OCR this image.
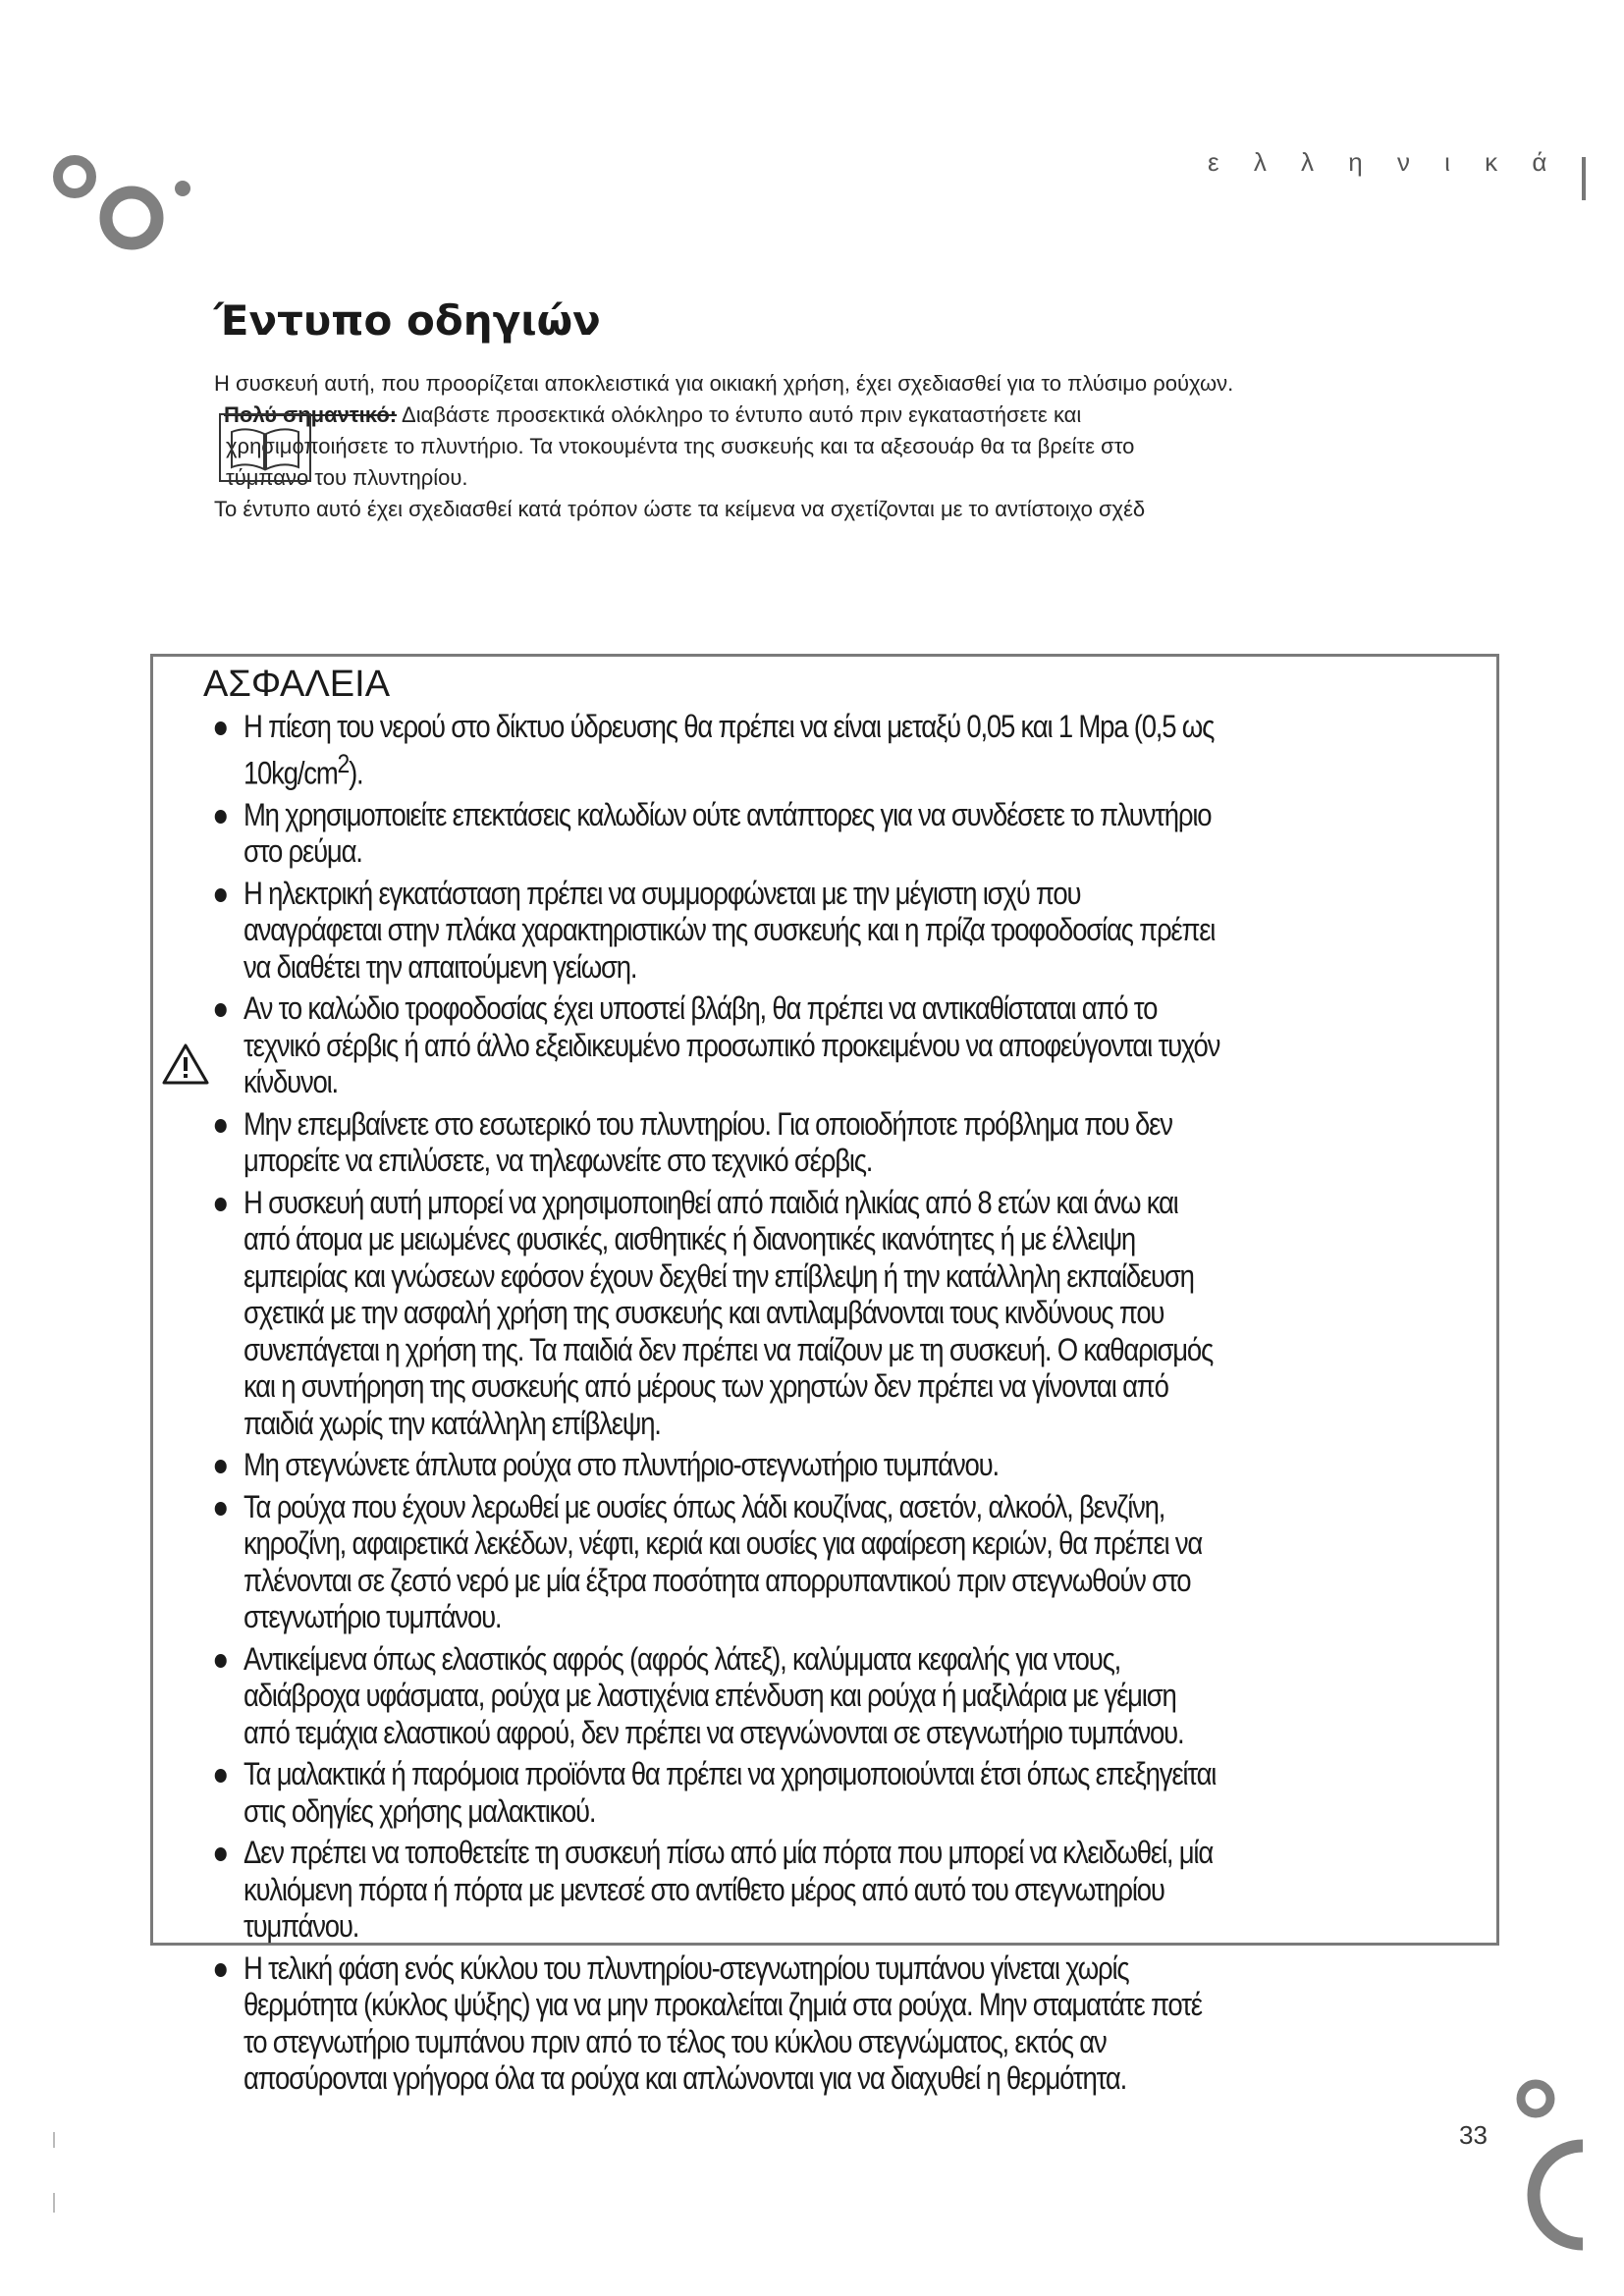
ε λ λ η ν ι κ ά
Έντυπο οδηγιών

Η συσκευή αυτή, που προορίζεται αποκλειστικά για οικιακή χρήση, έχει σχεδιασθεί για το πλύσιμο ρούχων.

Πολύ σημαντικό: Διαβάστε προσεκτικά ολόκληρο το έντυπο αυτό πριν εγκαταστήσετε και

χρησιμοποιήσετε το πλυντήριο. Τα ντοκουμέντα της συσκευής και τα αξεσουάρ θα τα βρείτε στο

τύμπανο του πλυντηρίου.

Το έντυπο αυτό έχει σχεδιασθεί κατά τρόπον ώστε τα κείμενα να σχετίζονται με το αντίστοιχο σχέδ

ΑΣΦΑΛΕΙΑ
Η πίεση του νερού στο δίκτυο ύδρευσης θα πρέπει να είναι μεταξύ 0,05 και 1 Mpa (0,5 ως $10kg/cm^2$).
Μη χρησιμοποιείτε επεκτάσεις καλωδίων ούτε αντάπτορες για να συνδέσετε το πλυντήριο στο ρεύμα.
Η ηλεκτρική εγκατάσταση πρέπει να συμμορφώνεται με την μέγιστη ισχύ που αναγράφεται στην πλάκα χαρακτηριστικών της συσκευής και η πρίζα τροφοδοσίας πρέπει να διαθέτει την απαιτούμενη γείωση.
Αν το καλώδιο τροφοδοσίας έχει υποστεί βλάβη, θα πρέπει να αντικαθίσταται από το τεχνικό σέρβις ή από άλλο εξειδικευμένο προσωπικό προκειμένου να αποφεύγονται τυχόν κίνδυνοι.
Μην επεμβαίνετε στο εσωτερικό του πλυντηρίου. Για οποιοδήποτε πρόβλημα που δεν μπορείτε να επιλύσετε, να τηλεφωνείτε στο τεχνικό σέρβις.
Η συσκευή αυτή μπορεί να χρησιμοποιηθεί από παιδιά ηλικίας από 8 ετών και άνω και από άτομα με μειωμένες φυσικές, αισθητικές ή διανοητικές ικανότητες ή με έλλειψη εμπειρίας και γνώσεων εφόσον έχουν δεχθεί την επίβλεψη ή την κατάλληλη εκπαίδευση σχετικά με την ασφαλή χρήση της συσκευής και αντιλαμβάνονται τους κινδύνους που συνεπάγεται η χρήση της. Τα παιδιά δεν πρέπει να παίζουν με τη συσκευή. Ο καθαρισμός και η συντήρηση της συσκευής από μέρους των χρηστών δεν πρέπει να γίνονται από παιδιά χωρίς την κατάλληλη επίβλεψη.
Μη στεγνώνετε άπλυτα ρούχα στο πλυντήριο-στεγνωτήριο τυμπάνου.
Τα ρούχα που έχουν λερωθεί με ουσίες όπως λάδι κουζίνας, ασετόν, αλκοόλ, βενζίνη, κηροζίνη, αφαιρετικά λεκέδων, νέφτι, κεριά και ουσίες για αφαίρεση κεριών, θα πρέπει να πλένονται σε ζεστό νερό με μία έξτρα ποσότητα απορρυπαντικού πριν στεγνωθούν στο στεγνωτήριο τυμπάνου.
Αντικείμενα όπως ελαστικός αφρός (αφρός λάτεξ), καλύμματα κεφαλής για ντους, αδιάβροχα υφάσματα, ρούχα με λαστιχένια επένδυση και ρούχα ή μαξιλάρια με γέμιση από τεμάχια ελαστικού αφρού, δεν πρέπει να στεγνώνονται σε στεγνωτήριο τυμπάνου.
Τα μαλακτικά ή παρόμοια προϊόντα θα πρέπει να χρησιμοποιούνται έτσι όπως επεξηγείται στις οδηγίες χρήσης μαλακτικού.
Δεν πρέπει να τοποθετείτε τη συσκευή πίσω από μία πόρτα που μπορεί να κλειδωθεί, μία κυλιόμενη πόρτα ή πόρτα με μεντεσέ στο αντίθετο μέρος από αυτό του στεγνωτηρίου τυμπάνου.
Η τελική φάση ενός κύκλου του πλυντηρίου-στεγνωτηρίου τυμπάνου γίνεται χωρίς θερμότητα (κύκλος ψύξης) για να μην προκαλείται ζημιά στα ρούχα. Μην σταματάτε ποτέ το στεγνωτήριο τυμπάνου πριν από το τέλος του κύκλου στεγνώματος, εκτός αν αποσύρονται γρήγορα όλα τα ρούχα και απλώνονται για να διαχυθεί η θερμότητα.
33
